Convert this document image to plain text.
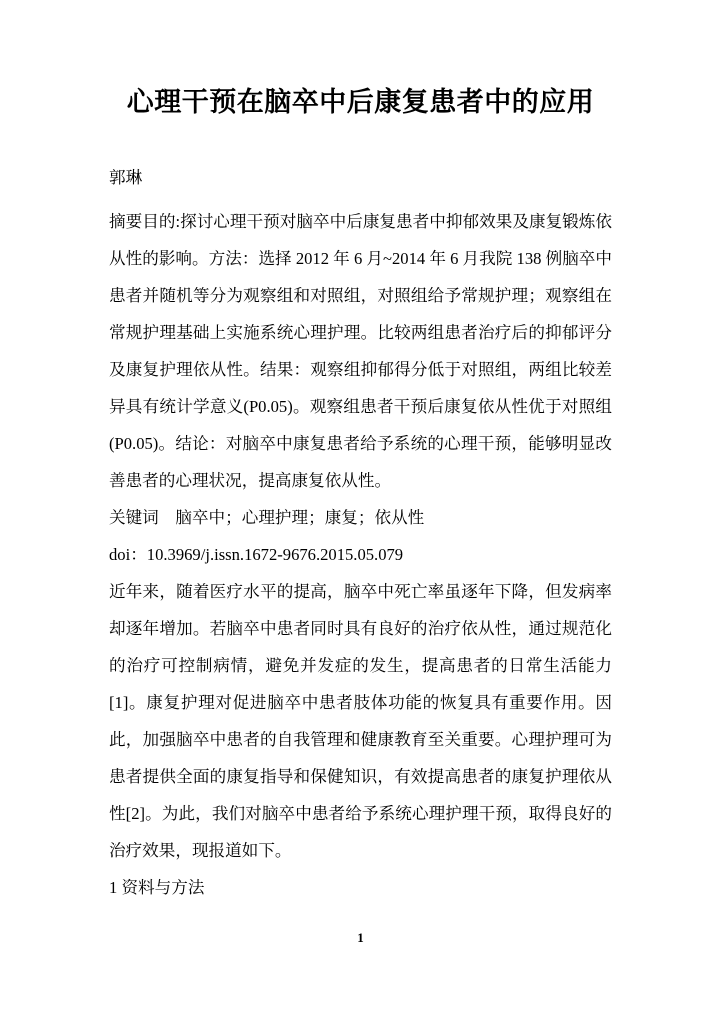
心理干预在脑卒中后康复患者中的应用
郭琳

摘要目的:探讨心理干预对脑卒中后康复患者中抑郁效果及康复锻炼依从性的影响。方法：选择 2012 年 6 月~2014 年 6 月我院 138 例脑卒中患者并随机等分为观察组和对照组，对照组给予常规护理；观察组在常规护理基础上实施系统心理护理。比较两组患者治疗后的抑郁评分及康复护理依从性。结果：观察组抑郁得分低于对照组，两组比较差异具有统计学意义(P0.05)。观察组患者干预后康复依从性优于对照组(P0.05)。结论：对脑卒中康复患者给予系统的心理干预，能够明显改善患者的心理状况，提高康复依从性。

关键词　脑卒中；心理护理；康复；依从性

doi：10.3969/j.issn.1672-9676.2015.05.079

近年来，随着医疗水平的提高，脑卒中死亡率虽逐年下降，但发病率却逐年增加。若脑卒中患者同时具有良好的治疗依从性，通过规范化的治疗可控制病情，避免并发症的发生，提高患者的日常生活能力[1]。康复护理对促进脑卒中患者肢体功能的恢复具有重要作用。因此，加强脑卒中患者的自我管理和健康教育至关重要。心理护理可为患者提供全面的康复指导和保健知识，有效提高患者的康复护理依从性[2]。为此，我们对脑卒中患者给予系统心理护理干预，取得良好的治疗效果，现报道如下。

1 资料与方法

1
